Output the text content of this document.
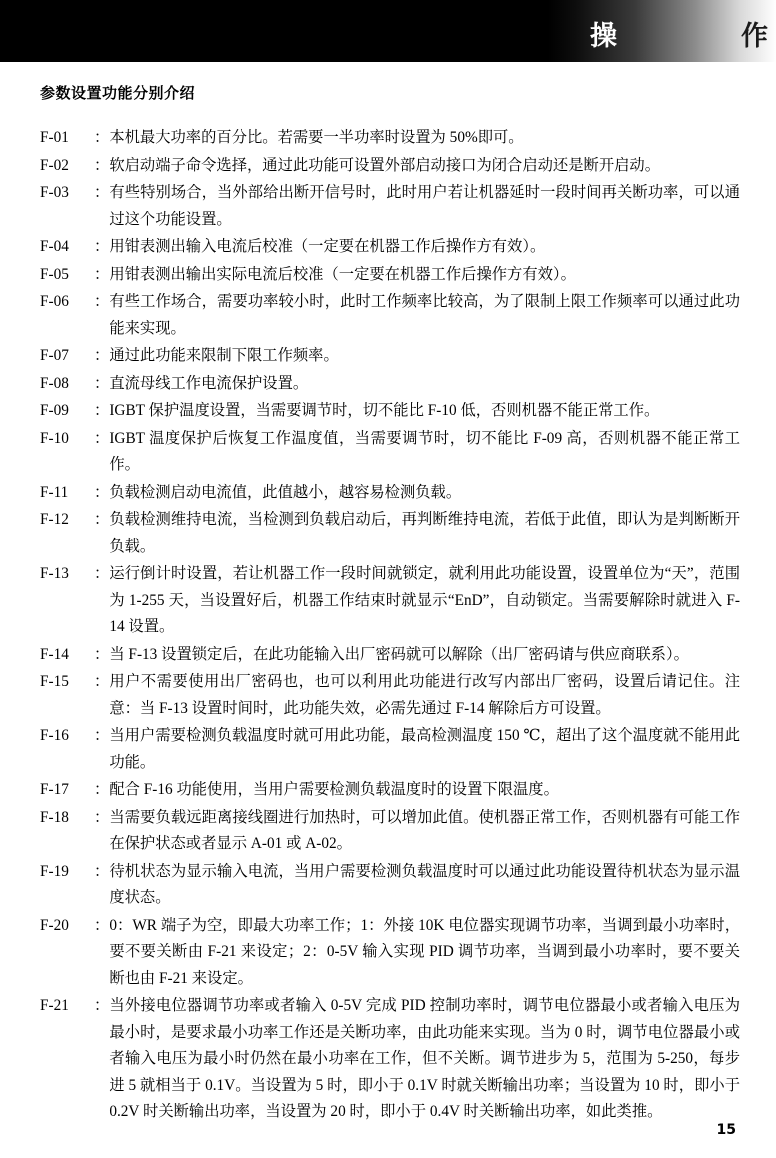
操	作
参数设置功能分别介绍
F-01	： 本机最大功率的百分比。若需要一半功率时设置为 50%即可。
F-02	： 软启动端子命令选择，通过此功能可设置外部启动接口为闭合启动还是断开启动。
F-03	： 有些特别场合，当外部给出断开信号时，此时用户若让机器延时一段时间再关断功率，可以通过这个功能设置。
F-04	： 用钳表测出输入电流后校准（一定要在机器工作后操作方有效）。
F-05	： 用钳表测出输出实际电流后校准（一定要在机器工作后操作方有效）。
F-06	： 有些工作场合，需要功率较小时，此时工作频率比较高，为了限制上限工作频率可以通过此功能来实现。
F-07	： 通过此功能来限制下限工作频率。
F-08	： 直流母线工作电流保护设置。
F-09	： IGBT 保护温度设置，当需要调节时，切不能比 F-10 低，否则机器不能正常工作。
F-10	： IGBT 温度保护后恢复工作温度值，当需要调节时，切不能比 F-09 高，否则机器不能正常工作。
F-11	： 负载检测启动电流值，此值越小，越容易检测负载。
F-12	： 负载检测维持电流，当检测到负载启动后，再判断维持电流，若低于此值，即认为是判断断开负载。
F-13	： 运行倒计时设置，若让机器工作一段时间就锁定，就利用此功能设置，设置单位为“天”，范围为 1-255 天，当设置好后，机器工作结束时就显示“EnD”，自动锁定。当需要解除时就进入 F-14 设置。
F-14	： 当 F-13 设置锁定后，在此功能输入出厂密码就可以解除（出厂密码请与供应商联系）。
F-15	： 用户不需要使用出厂密码也，也可以利用此功能进行改写内部出厂密码，设置后请记住。注意：当 F-13 设置时间时，此功能失效，必需先通过 F-14 解除后方可设置。
F-16	： 当用户需要检测负载温度时就可用此功能，最高检测温度 150 ℃，超出了这个温度就不能用此功能。
F-17	： 配合 F-16 功能使用，当用户需要检测负载温度时的设置下限温度。
F-18	： 当需要负载远距离接线圈进行加热时，可以增加此值。使机器正常工作，否则机器有可能工作在保护状态或者显示 A-01 或 A-02。
F-19	： 待机状态为显示输入电流，当用户需要检测负载温度时可以通过此功能设置待机状态为显示温度状态。
F-20	： 0：WR 端子为空，即最大功率工作；1：外接 10K 电位器实现调节功率，当调到最小功率时，要不要关断由 F-21 来设定；2：0-5V 输入实现 PID 调节功率，当调到最小功率时，要不要关断也由 F-21 来设定。
F-21	： 当外接电位器调节功率或者输入 0-5V 完成 PID 控制功率时，调节电位器最小或者输入电压为最小时，是要求最小功率工作还是关断功率，由此功能来实现。当为 0 时，调节电位器最小或者输入电压为最小时仍然在最小功率在工作，但不关断。调节进步为 5，范围为 5-250，每步进 5 就相当于 0.1V。当设置为 5 时，即小于 0.1V 时就关断输出功率；当设置为 10 时，即小于 0.2V 时关断输出功率，当设置为 20 时，即小于 0.4V 时关断输出功率，如此类推。
15
